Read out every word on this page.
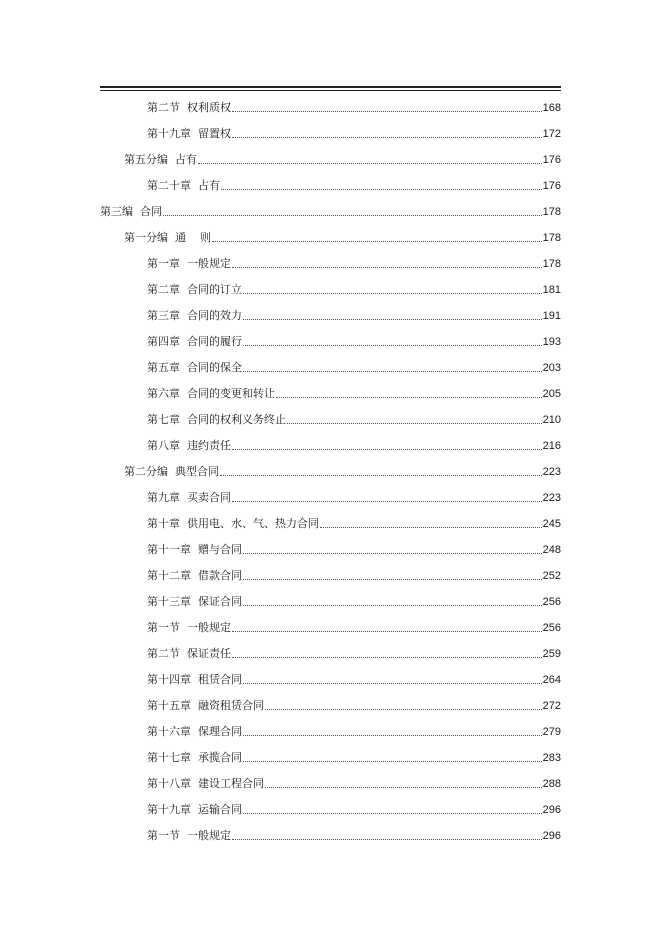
第二节  权利质权	168
第十九章  留置权	172
第五分编  占有	176
第二十章  占有	176
第三编  合同	178
第一分编  通    则	178
第一章  一般规定	178
第二章  合同的订立	181
第三章  合同的效力	191
第四章  合同的履行	193
第五章  合同的保全	203
第六章  合同的变更和转让	205
第七章  合同的权利义务终止	210
第八章  违约责任	216
第二分编  典型合同	223
第九章  买卖合同	223
第十章  供用电、水、气、热力合同	245
第十一章  赠与合同	248
第十二章  借款合同	252
第十三章  保证合同	256
第一节  一般规定	256
第二节  保证责任	259
第十四章  租赁合同	264
第十五章  融资租赁合同	272
第十六章  保理合同	279
第十七章  承揽合同	283
第十八章  建设工程合同	288
第十九章  运输合同	296
第一节  一般规定	296
